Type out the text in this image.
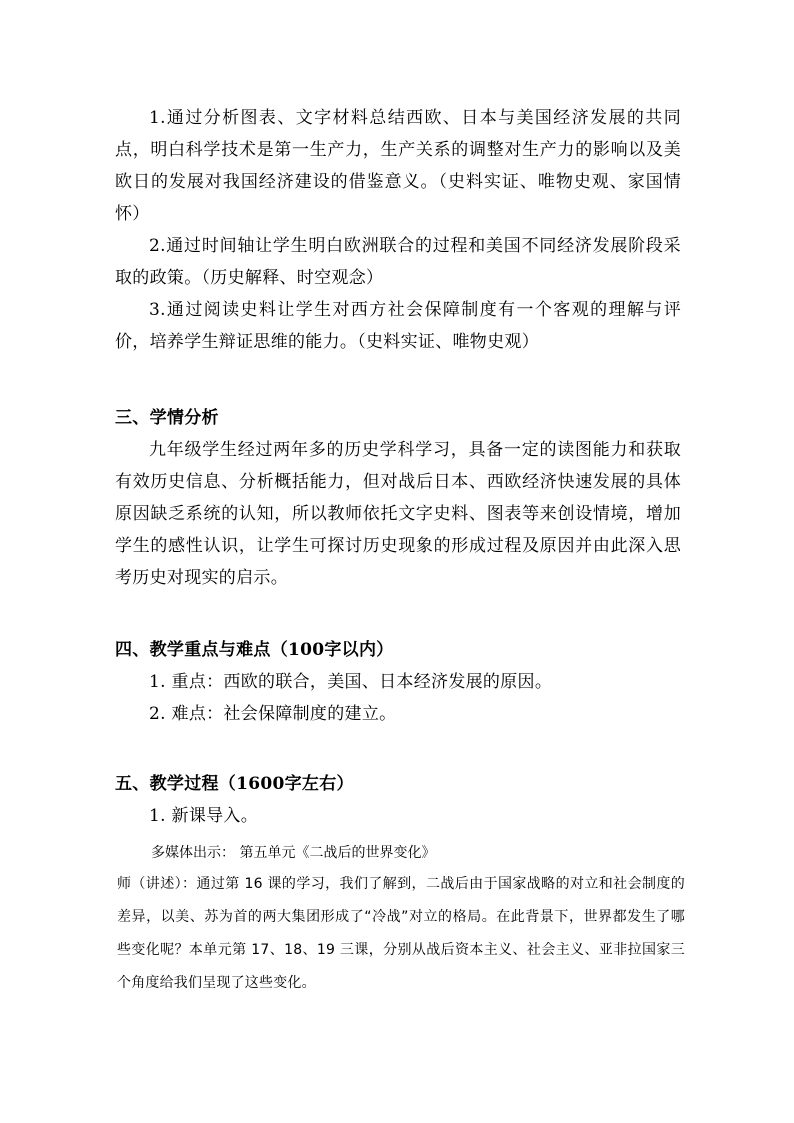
1.通过分析图表、文字材料总结西欧、日本与美国经济发展的共同点，明白科学技术是第一生产力，生产关系的调整对生产力的影响以及美欧日的发展对我国经济建设的借鉴意义。（史料实证、唯物史观、家国情怀）

2.通过时间轴让学生明白欧洲联合的过程和美国不同经济发展阶段采取的政策。（历史解释、时空观念）

3.通过阅读史料让学生对西方社会保障制度有一个客观的理解与评价，培养学生辩证思维的能力。（史料实证、唯物史观）

三、学情分析

九年级学生经过两年多的历史学科学习，具备一定的读图能力和获取有效历史信息、分析概括能力，但对战后日本、西欧经济快速发展的具体原因缺乏系统的认知，所以教师依托文字史料、图表等来创设情境，增加学生的感性认识，让学生可探讨历史现象的形成过程及原因并由此深入思考历史对现实的启示。

四、教学重点与难点（100字以内）

1. 重点：西欧的联合，美国、日本经济发展的原因。

2. 难点：社会保障制度的建立。

五、教学过程（1600字左右）

1. 新课导入。

多媒体出示： 第五单元《二战后的世界变化》

师（讲述）：通过第 16 课的学习，我们了解到，二战后由于国家战略的对立和社会制度的差异，以美、苏为首的两大集团形成了“冷战”对立的格局。在此背景下，世界都发生了哪些变化呢？本单元第 17、18、19 三课，分别从战后资本主义、社会主义、亚非拉国家三个角度给我们呈现了这些变化。
